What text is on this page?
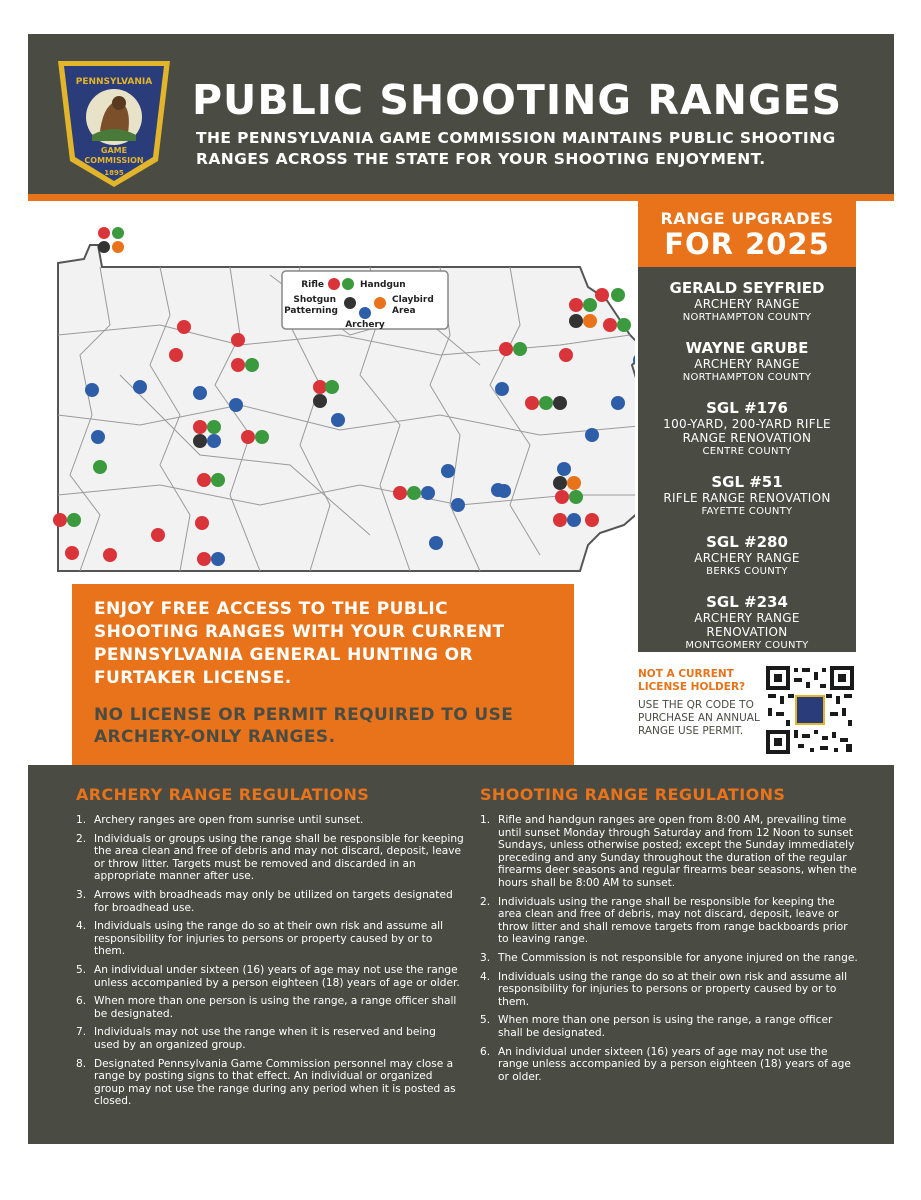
PENNSYLVANIA
GAME
COMMISSION
1895
PUBLIC SHOOTING RANGES
THE PENNSYLVANIA GAME COMMISSION MAINTAINS PUBLIC SHOOTING RANGES ACROSS THE STATE FOR YOUR SHOOTING ENJOYMENT.
Rifle	Handgun
Shotgun
Patterning
Claybird
Area
Archery
RANGE UPGRADES
FOR 2025
GERALD SEYFRIED
ARCHERY RANGE
NORTHAMPTON COUNTY
WAYNE GRUBE
ARCHERY RANGE
NORTHAMPTON COUNTY
SGL #176
100-YARD, 200-YARD RIFLE RANGE RENOVATION
CENTRE COUNTY
SGL #51
RIFLE RANGE RENOVATION
FAYETTE COUNTY
SGL #280
ARCHERY RANGE
BERKS COUNTY
SGL #234
ARCHERY RANGE RENOVATION
MONTGOMERY COUNTY
ENJOY FREE ACCESS TO THE PUBLIC SHOOTING RANGES WITH YOUR CURRENT PENNSYLVANIA GENERAL HUNTING OR FURTAKER LICENSE.
NO LICENSE OR PERMIT REQUIRED TO USE ARCHERY-ONLY RANGES.
NOT A CURRENT LICENSE HOLDER?
USE THE QR CODE TO PURCHASE AN ANNUAL RANGE USE PERMIT.
ARCHERY RANGE REGULATIONS
1. Archery ranges are open from sunrise until sunset.
2. Individuals or groups using the range shall be responsible for keeping the area clean and free of debris and may not discard, deposit, leave or throw litter. Targets must be removed and discarded in an appropriate manner after use.
3. Arrows with broadheads may only be utilized on targets designated for broadhead use.
4. Individuals using the range do so at their own risk and assume all responsibility for injuries to persons or property caused by or to them.
5. An individual under sixteen (16) years of age may not use the range unless accompanied by a person eighteen (18) years of age or older.
6. When more than one person is using the range, a range officer shall be designated.
7. Individuals may not use the range when it is reserved and being used by an organized group.
8. Designated Pennsylvania Game Commission personnel may close a range by posting signs to that effect. An individual or organized group may not use the range during any period when it is posted as closed.
SHOOTING RANGE REGULATIONS
1. Rifle and handgun ranges are open from 8:00 AM, prevailing time until sunset Monday through Saturday and from 12 Noon to sunset Sundays, unless otherwise posted; except the Sunday immediately preceding and any Sunday throughout the duration of the regular firearms deer seasons and regular firearms bear seasons, when the hours shall be 8:00 AM to sunset.
2. Individuals using the range shall be responsible for keeping the area clean and free of debris, may not discard, deposit, leave or throw litter and shall remove targets from range backboards prior to leaving range.
3. The Commission is not responsible for anyone injured on the range.
4. Individuals using the range do so at their own risk and assume all responsibility for injuries to persons or property caused by or to them.
5. When more than one person is using the range, a range officer shall be designated.
6. An individual under sixteen (16) years of age may not use the range unless accompanied by a person eighteen (18) years of age or older.
